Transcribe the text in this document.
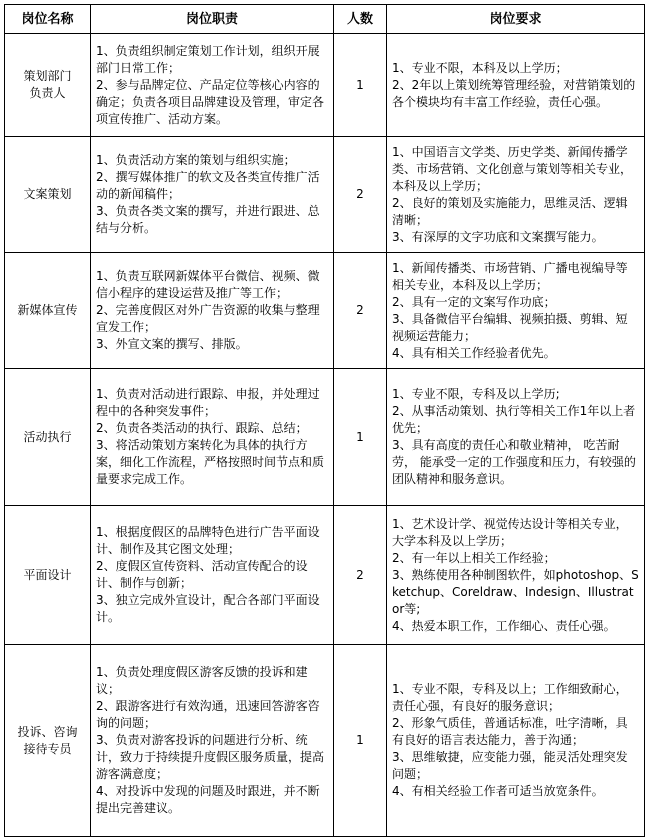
岗位名称	岗位职责	人数	岗位要求

策划部门
负责人	1、负责组织制定策划工作计划，组织开展部门日常工作；
2、参与品牌定位、产品定位等核心内容的确定；负责各项目品牌建设及管理，审定各项宣传推广、活动方案。	1	1、专业不限，本科及以上学历；
2、2年以上策划统筹管理经验，对营销策划的各个模块均有丰富工作经验，责任心强。

文案策划	1、负责活动方案的策划与组织实施；
2、撰写媒体推广的软文及各类宣传推广活动的新闻稿件；
3、负责各类文案的撰写，并进行跟进、总结与分析。	2	1、中国语言文学类、历史学类、新闻传播学类、市场营销、文化创意与策划等相关专业，本科及以上学历；
2、良好的策划及实施能力，思维灵活、逻辑清晰；
3、有深厚的文字功底和文案撰写能力。

新媒体宣传	1、负责互联网新媒体平台微信、视频、微信小程序的建设运营及推广等工作；
2、完善度假区对外广告资源的收集与整理宣发工作；
3、外宣文案的撰写、排版。	2	1、新闻传播类、市场营销、广播电视编导等相关专业，本科及以上学历；
2、具有一定的文案写作功底；
3、具备微信平台编辑、视频拍摄、剪辑、短视频运营能力；
4、具有相关工作经验者优先。

活动执行	1、负责对活动进行跟踪、申报，并处理过程中的各种突发事件；
2、负责各类活动的执行、跟踪、总结；
3、将活动策划方案转化为具体的执行方案，细化工作流程，严格按照时间节点和质量要求完成工作。	1	1、专业不限，专科及以上学历;
2、从事活动策划、执行等相关工作1年以上者优先；
3、具有高度的责任心和敬业精神， 吃苦耐劳， 能承受一定的工作强度和压力，有较强的团队精神和服务意识。

平面设计	1、根据度假区的品牌特色进行广告平面设计、制作及其它图文处理；
2、度假区宣传资料、活动宣传配合的设计、制作与创新；
3、独立完成外宣设计，配合各部门平面设计。	2	1、艺术设计学、视觉传达设计等相关专业，大学本科及以上学历；
2、有一年以上相关工作经验；
3、熟练使用各种制图软件，如photoshop、Sketchup、Coreldraw、Indesign、Illustrator等;
4、热爱本职工作，工作细心、责任心强。

投诉、咨询
接待专员	1、负责处理度假区游客反馈的投诉和建议；
2、跟游客进行有效沟通，迅速回答游客咨询的问题；
3、负责对游客投诉的问题进行分析、统计，致力于持续提升度假区服务质量，提高游客满意度；
4、对投诉中发现的问题及时跟进，并不断提出完善建议。	1	1、专业不限，专科及以上；工作细致耐心，责任心强，有良好的服务意识；
2、形象气质佳，普通话标准，吐字清晰，具有良好的语言表达能力，善于沟通；
3、思维敏捷，应变能力强，能灵活处理突发问题；
4、有相关经验工作者可适当放宽条件。
